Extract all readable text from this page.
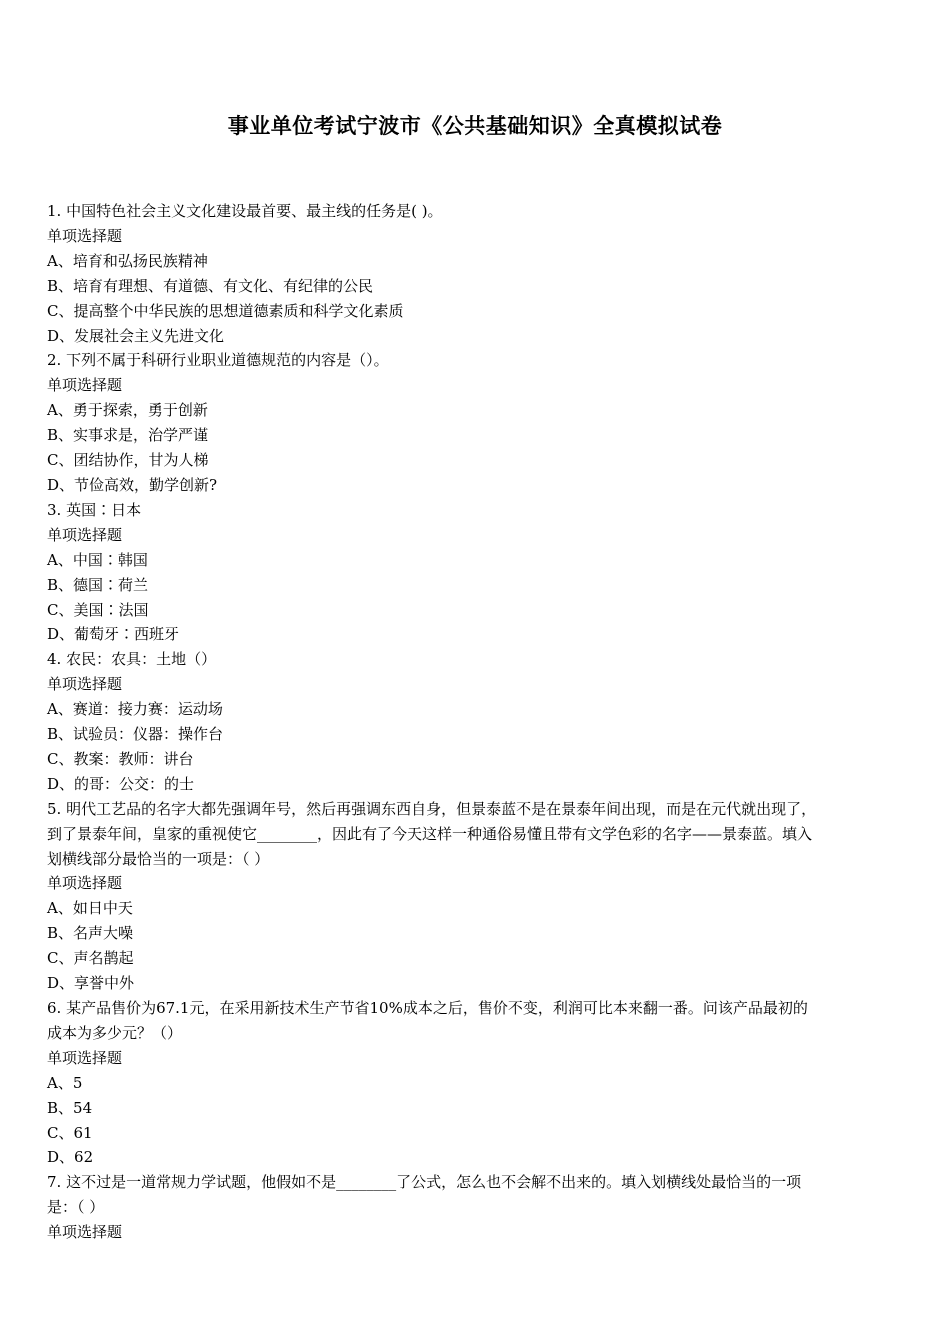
事业单位考试宁波市《公共基础知识》全真模拟试卷
1. 中国特色社会主义文化建设最首要、最主线的任务是( )。
单项选择题
A、培育和弘扬民族精神
B、培育有理想、有道德、有文化、有纪律的公民
C、提高整个中华民族的思想道德素质和科学文化素质
D、发展社会主义先进文化
2. 下列不属于科研行业职业道德规范的内容是（）。
单项选择题
A、勇于探索，勇于创新
B、实事求是，治学严谨
C、团结协作，甘为人梯
D、节俭高效，勤学创新?
3. 英国∶日本
单项选择题
A、中国∶韩国
B、德国∶荷兰
C、美国∶法国
D、葡萄牙∶西班牙
4. 农民：农具：土地（）
单项选择题
A、赛道：接力赛：运动场
B、试验员：仪器：操作台
C、教案：教师：讲台
D、的哥：公交：的士
5. 明代工艺品的名字大都先强调年号，然后再强调东西自身，但景泰蓝不是在景泰年间出现，而是在元代就出现了，
到了景泰年间，皇家的重视使它________，因此有了今天这样一种通俗易懂且带有文学色彩的名字——景泰蓝。填入
划横线部分最恰当的一项是：（ ）
单项选择题
A、如日中天
B、名声大噪
C、声名鹊起
D、享誉中外
6. 某产品售价为67.1元，在采用新技术生产节省10%成本之后，售价不变，利润可比本来翻一番。问该产品最初的
成本为多少元？（）
单项选择题
A、5
B、54
C、61
D、62
7. 这不过是一道常规力学试题，他假如不是________了公式，怎么也不会解不出来的。填入划横线处最恰当的一项
是：（ ）
单项选择题
